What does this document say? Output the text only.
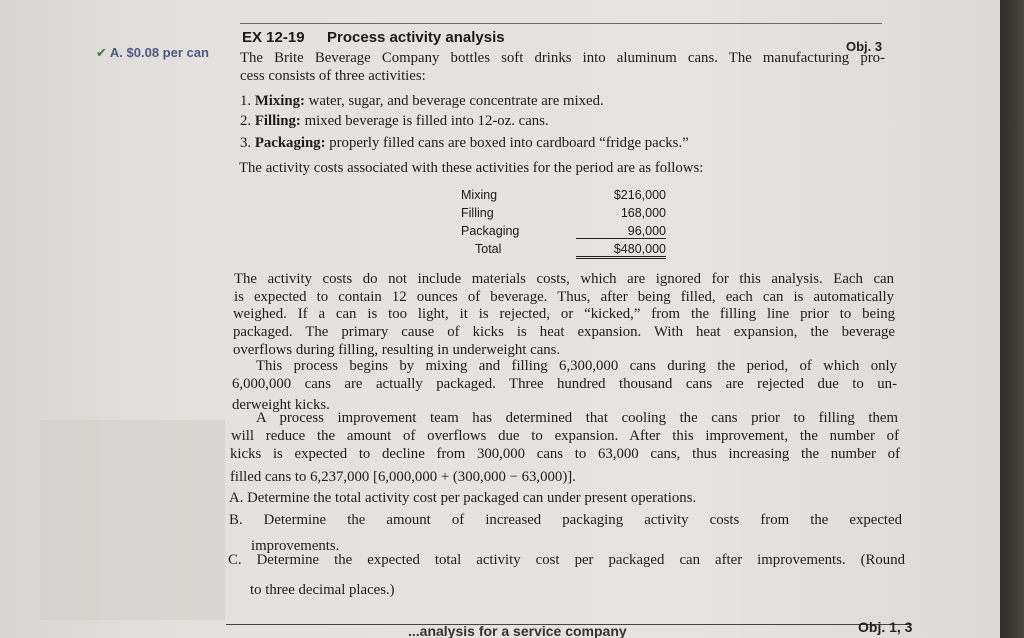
✔ A. $0.08 per can
EX 12-19 Process activity analysis
Obj. 3
The Brite Beverage Company bottles soft drinks into aluminum cans. The manufacturing pro-
cess consists of three activities:
1. Mixing: water, sugar, and beverage concentrate are mixed.
2. Filling: mixed beverage is filled into 12-oz. cans.
3. Packaging: properly filled cans are boxed into cardboard “fridge packs.”
The activity costs associated with these activities for the period are as follows:
Mixing	$216,000
Filling	168,000
Packaging	96,000
Total	$480,000
The activity costs do not include materials costs, which are ignored for this analysis. Each can
is expected to contain 12 ounces of beverage. Thus, after being filled, each can is automatically
weighed. If a can is too light, it is rejected, or “kicked,” from the filling line prior to being
packaged. The primary cause of kicks is heat expansion. With heat expansion, the beverage
overflows during filling, resulting in underweight cans.
This process begins by mixing and filling 6,300,000 cans during the period, of which only
6,000,000 cans are actually packaged. Three hundred thousand cans are rejected due to un-
derweight kicks.
A process improvement team has determined that cooling the cans prior to filling them
will reduce the amount of overflows due to expansion. After this improvement, the number of
kicks is expected to decline from 300,000 cans to 63,000 cans, thus increasing the number of
filled cans to 6,237,000 [6,000,000 + (300,000 − 63,000)].
A. Determine the total activity cost per packaged can under present operations.
B. Determine the amount of increased packaging activity costs from the expected
improvements.
C. Determine the expected total activity cost per packaged can after improvements. (Round
to three decimal places.)
...analysis for a service company	Obj. 1, 3
